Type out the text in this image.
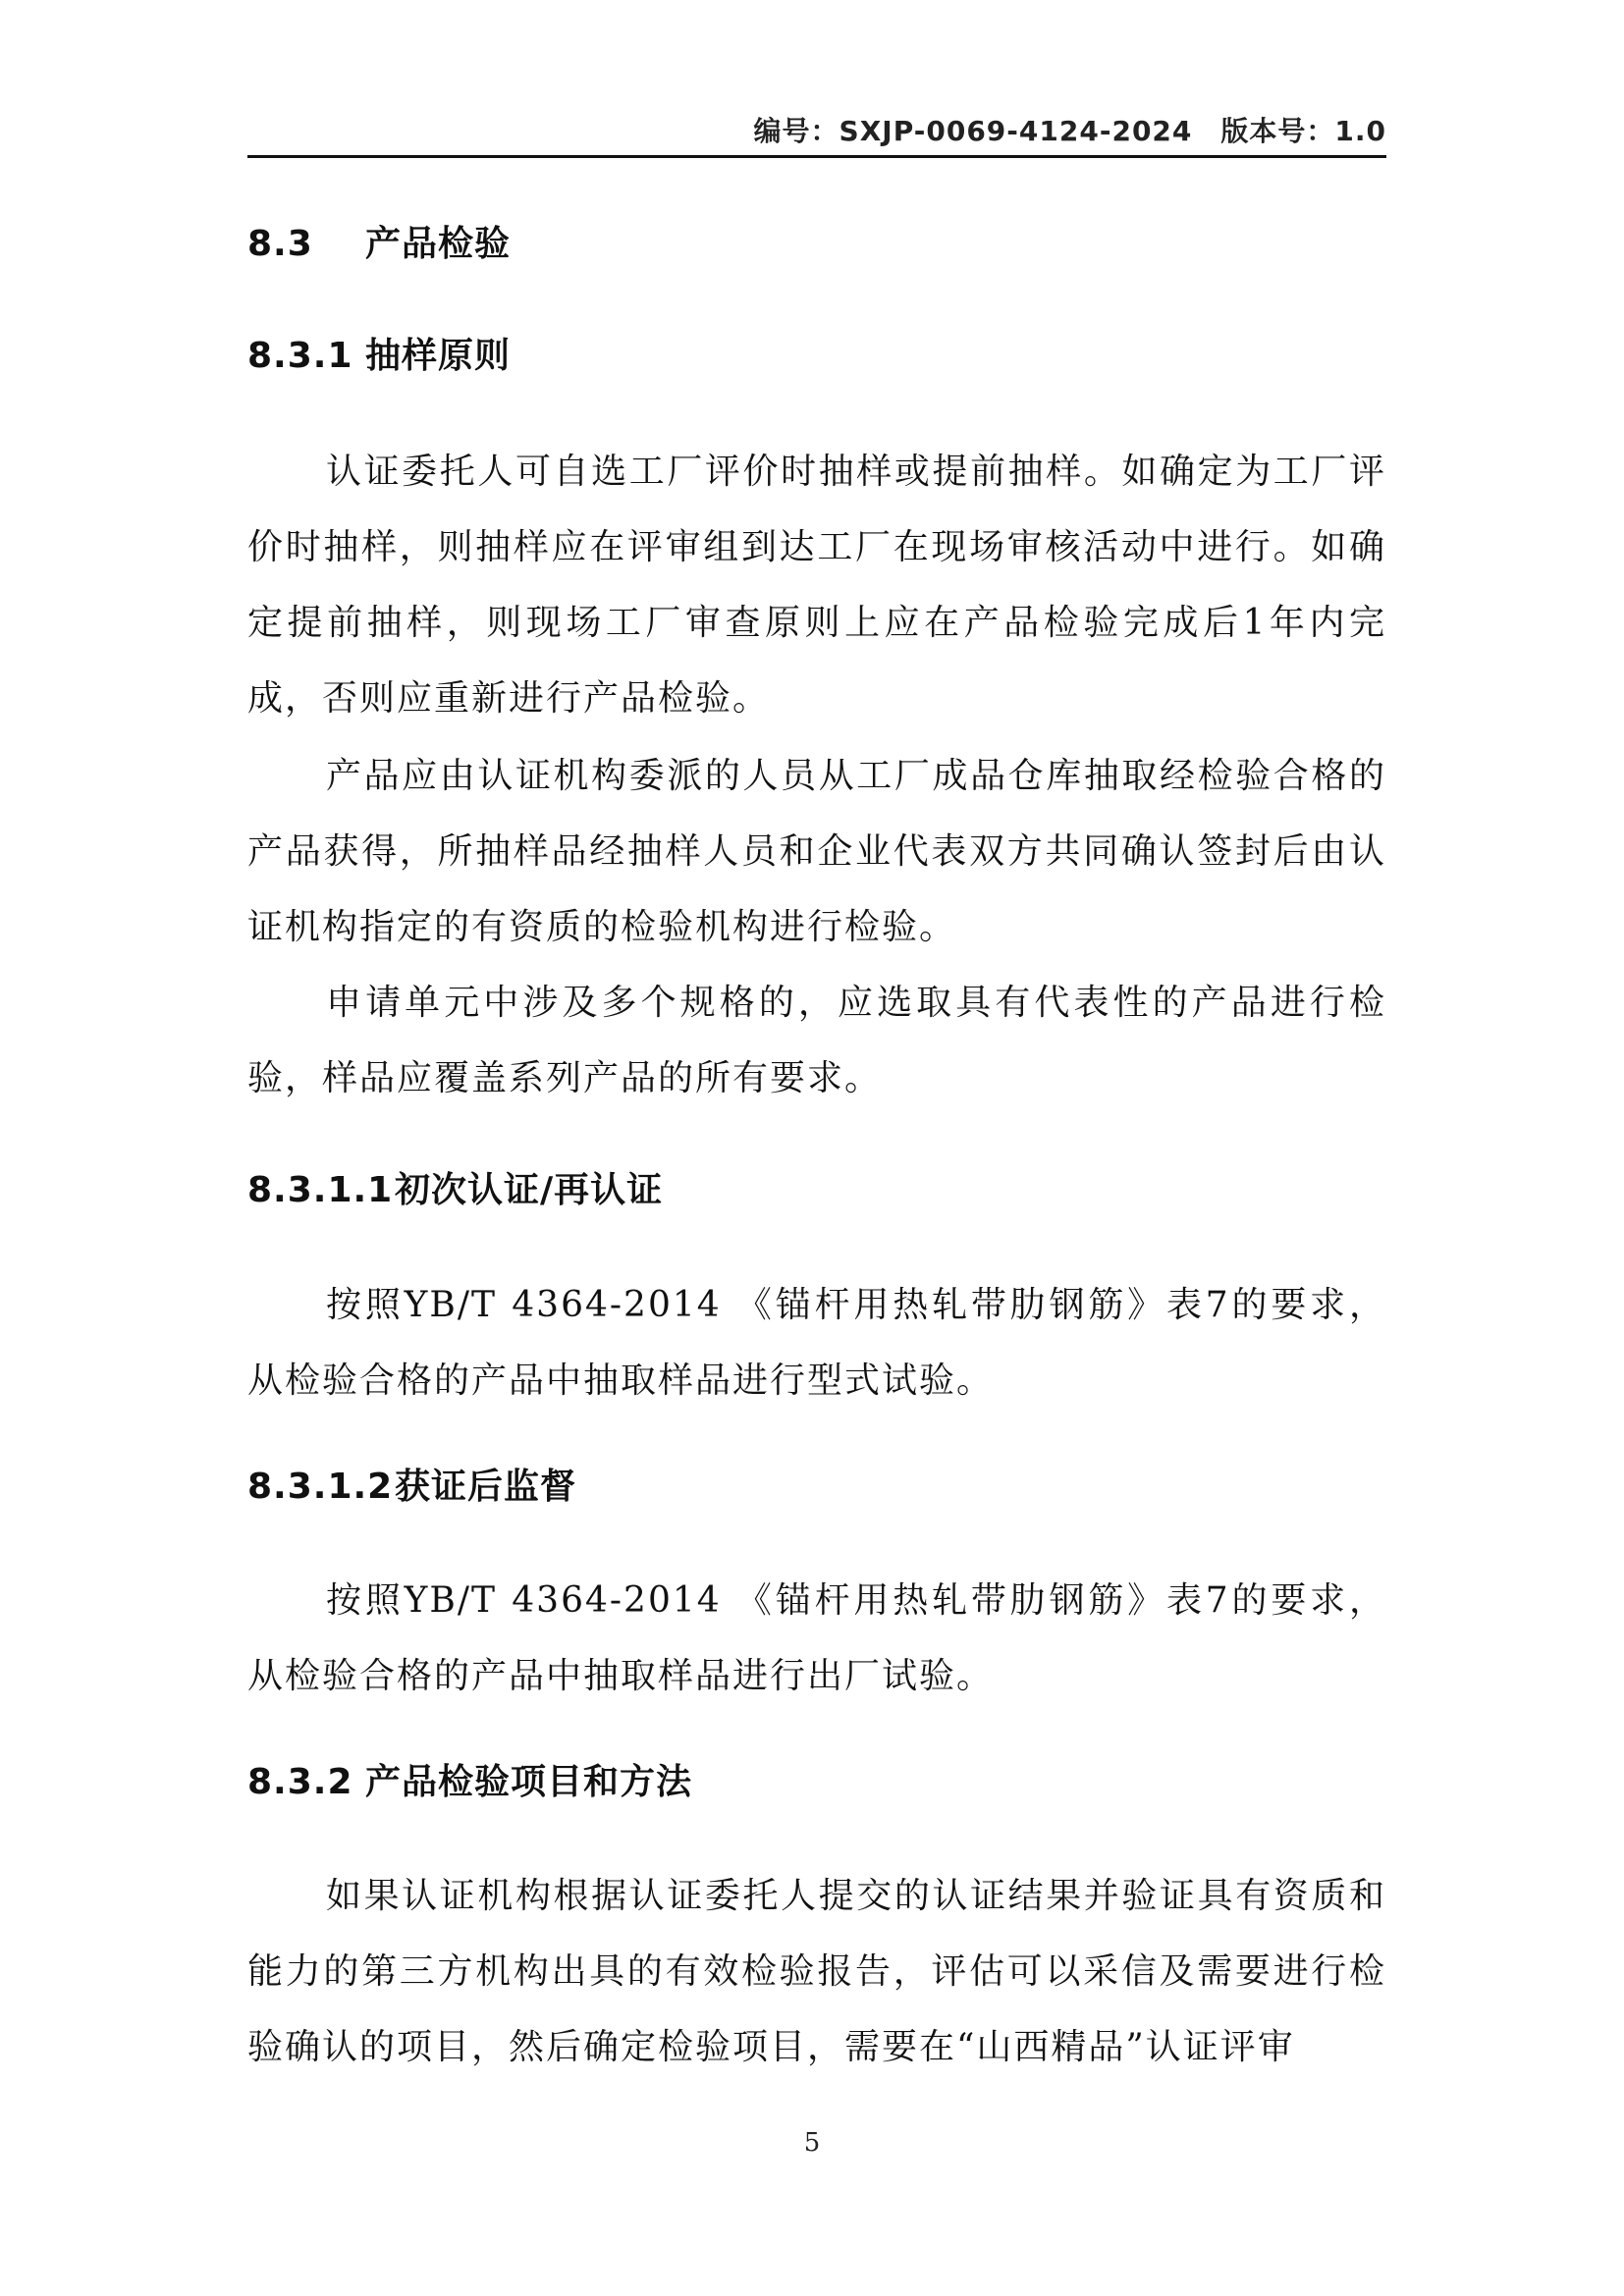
编号：SXJP-0069-4124-2024　版本号：1.0
8.3 产品检验
8.3.1 抽样原则

认证委托人可自选工厂评价时抽样或提前抽样。如确定为工厂评价时抽样，则抽样应在评审组到达工厂在现场审核活动中进行。如确定提前抽样，则现场工厂审查原则上应在产品检验完成后1年内完成，否则应重新进行产品检验。

产品应由认证机构委派的人员从工厂成品仓库抽取经检验合格的产品获得，所抽样品经抽样人员和企业代表双方共同确认签封后由认证机构指定的有资质的检验机构进行检验。

申请单元中涉及多个规格的，应选取具有代表性的产品进行检验，样品应覆盖系列产品的所有要求。

8.3.1.1初次认证/再认证

按照YB/T 4364-2014 《锚杆用热轧带肋钢筋》表7的要求，从检验合格的产品中抽取样品进行型式试验。

8.3.1.2获证后监督

按照YB/T 4364-2014 《锚杆用热轧带肋钢筋》表7的要求，从检验合格的产品中抽取样品进行出厂试验。

8.3.2 产品检验项目和方法

如果认证机构根据认证委托人提交的认证结果并验证具有资质和能力的第三方机构出具的有效检验报告，评估可以采信及需要进行检验确认的项目，然后确定检验项目，需要在“山西精品”认证评审

5
